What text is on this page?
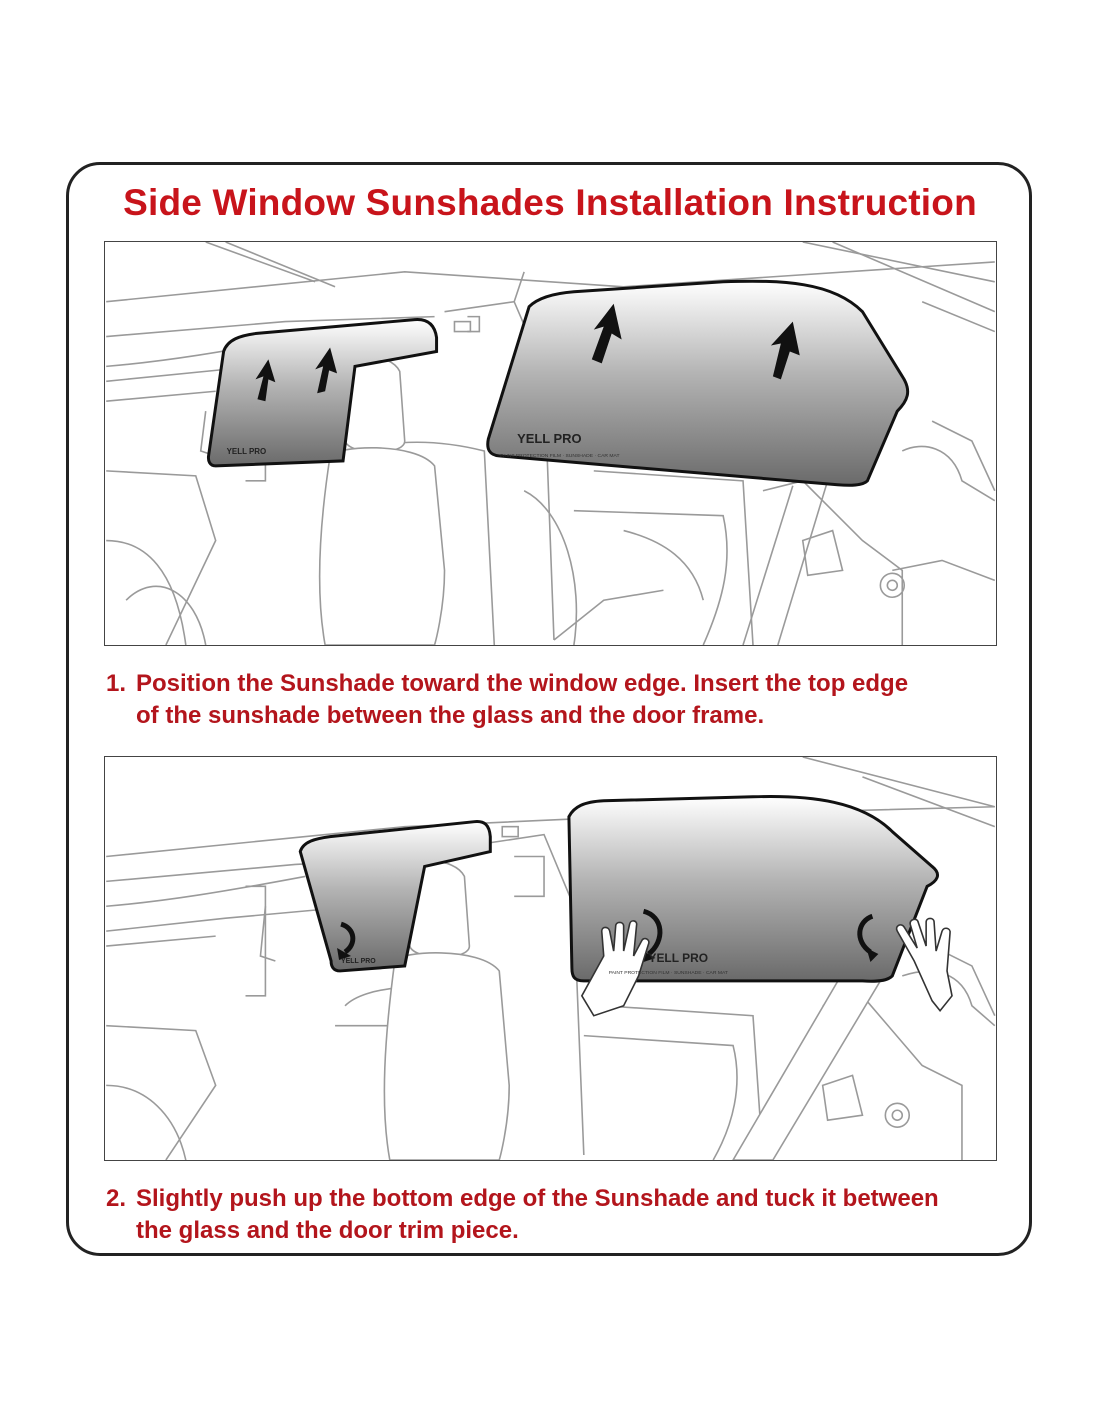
Side Window Sunshades Installation Instruction
YELL PRO
YELL PRO
PAINT PROTECTION FILM · SUNSHADE · CAR MAT
1. Position the Sunshade toward the window edge. Insert the top edge
of the sunshade between the glass and the door frame.
YELL PRO	YELL PRO
PAINT PROTECTION FILM · SUNSHADE · CAR MAT
2. Slightly push up the bottom edge of the Sunshade and tuck it between
the glass and the door trim piece.
